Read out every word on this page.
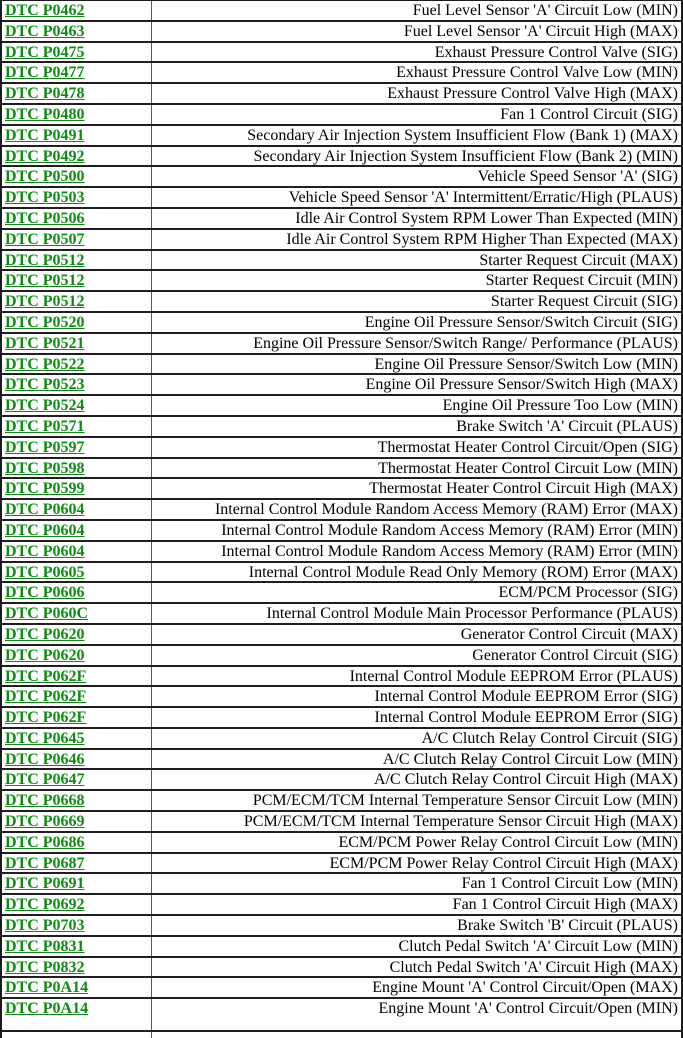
DTC P0462	Fuel Level Sensor 'A' Circuit Low (MIN)
DTC P0463	Fuel Level Sensor 'A' Circuit High (MAX)
DTC P0475	Exhaust Pressure Control Valve (SIG)
DTC P0477	Exhaust Pressure Control Valve Low (MIN)
DTC P0478	Exhaust Pressure Control Valve High (MAX)
DTC P0480	Fan 1 Control Circuit (SIG)
DTC P0491	Secondary Air Injection System Insufficient Flow (Bank 1) (MAX)
DTC P0492	Secondary Air Injection System Insufficient Flow (Bank 2) (MIN)
DTC P0500	Vehicle Speed Sensor 'A' (SIG)
DTC P0503	Vehicle Speed Sensor 'A' Intermittent/Erratic/High (PLAUS)
DTC P0506	Idle Air Control System RPM Lower Than Expected (MIN)
DTC P0507	Idle Air Control System RPM Higher Than Expected (MAX)
DTC P0512	Starter Request Circuit (MAX)
DTC P0512	Starter Request Circuit (MIN)
DTC P0512	Starter Request Circuit (SIG)
DTC P0520	Engine Oil Pressure Sensor/Switch Circuit (SIG)
DTC P0521	Engine Oil Pressure Sensor/Switch Range/ Performance (PLAUS)
DTC P0522	Engine Oil Pressure Sensor/Switch Low (MIN)
DTC P0523	Engine Oil Pressure Sensor/Switch High (MAX)
DTC P0524	Engine Oil Pressure Too Low (MIN)
DTC P0571	Brake Switch 'A' Circuit (PLAUS)
DTC P0597	Thermostat Heater Control Circuit/Open (SIG)
DTC P0598	Thermostat Heater Control Circuit Low (MIN)
DTC P0599	Thermostat Heater Control Circuit High (MAX)
DTC P0604	Internal Control Module Random Access Memory (RAM) Error (MAX)
DTC P0604	Internal Control Module Random Access Memory (RAM) Error (MIN)
DTC P0604	Internal Control Module Random Access Memory (RAM) Error (MIN)
DTC P0605	Internal Control Module Read Only Memory (ROM) Error (MAX)
DTC P0606	ECM/PCM Processor (SIG)
DTC P060C	Internal Control Module Main Processor Performance (PLAUS)
DTC P0620	Generator Control Circuit (MAX)
DTC P0620	Generator Control Circuit (SIG)
DTC P062F	Internal Control Module EEPROM Error (PLAUS)
DTC P062F	Internal Control Module EEPROM Error (SIG)
DTC P062F	Internal Control Module EEPROM Error (SIG)
DTC P0645	A/C Clutch Relay Control Circuit (SIG)
DTC P0646	A/C Clutch Relay Control Circuit Low (MIN)
DTC P0647	A/C Clutch Relay Control Circuit High (MAX)
DTC P0668	PCM/ECM/TCM Internal Temperature Sensor Circuit Low (MIN)
DTC P0669	PCM/ECM/TCM Internal Temperature Sensor Circuit High (MAX)
DTC P0686	ECM/PCM Power Relay Control Circuit Low (MIN)
DTC P0687	ECM/PCM Power Relay Control Circuit High (MAX)
DTC P0691	Fan 1 Control Circuit Low (MIN)
DTC P0692	Fan 1 Control Circuit High (MAX)
DTC P0703	Brake Switch 'B' Circuit (PLAUS)
DTC P0831	Clutch Pedal Switch 'A' Circuit Low (MIN)
DTC P0832	Clutch Pedal Switch 'A' Circuit High (MAX)
DTC P0A14	Engine Mount 'A' Control Circuit/Open (MAX)
DTC P0A14	Engine Mount 'A' Control Circuit/Open (MIN)
